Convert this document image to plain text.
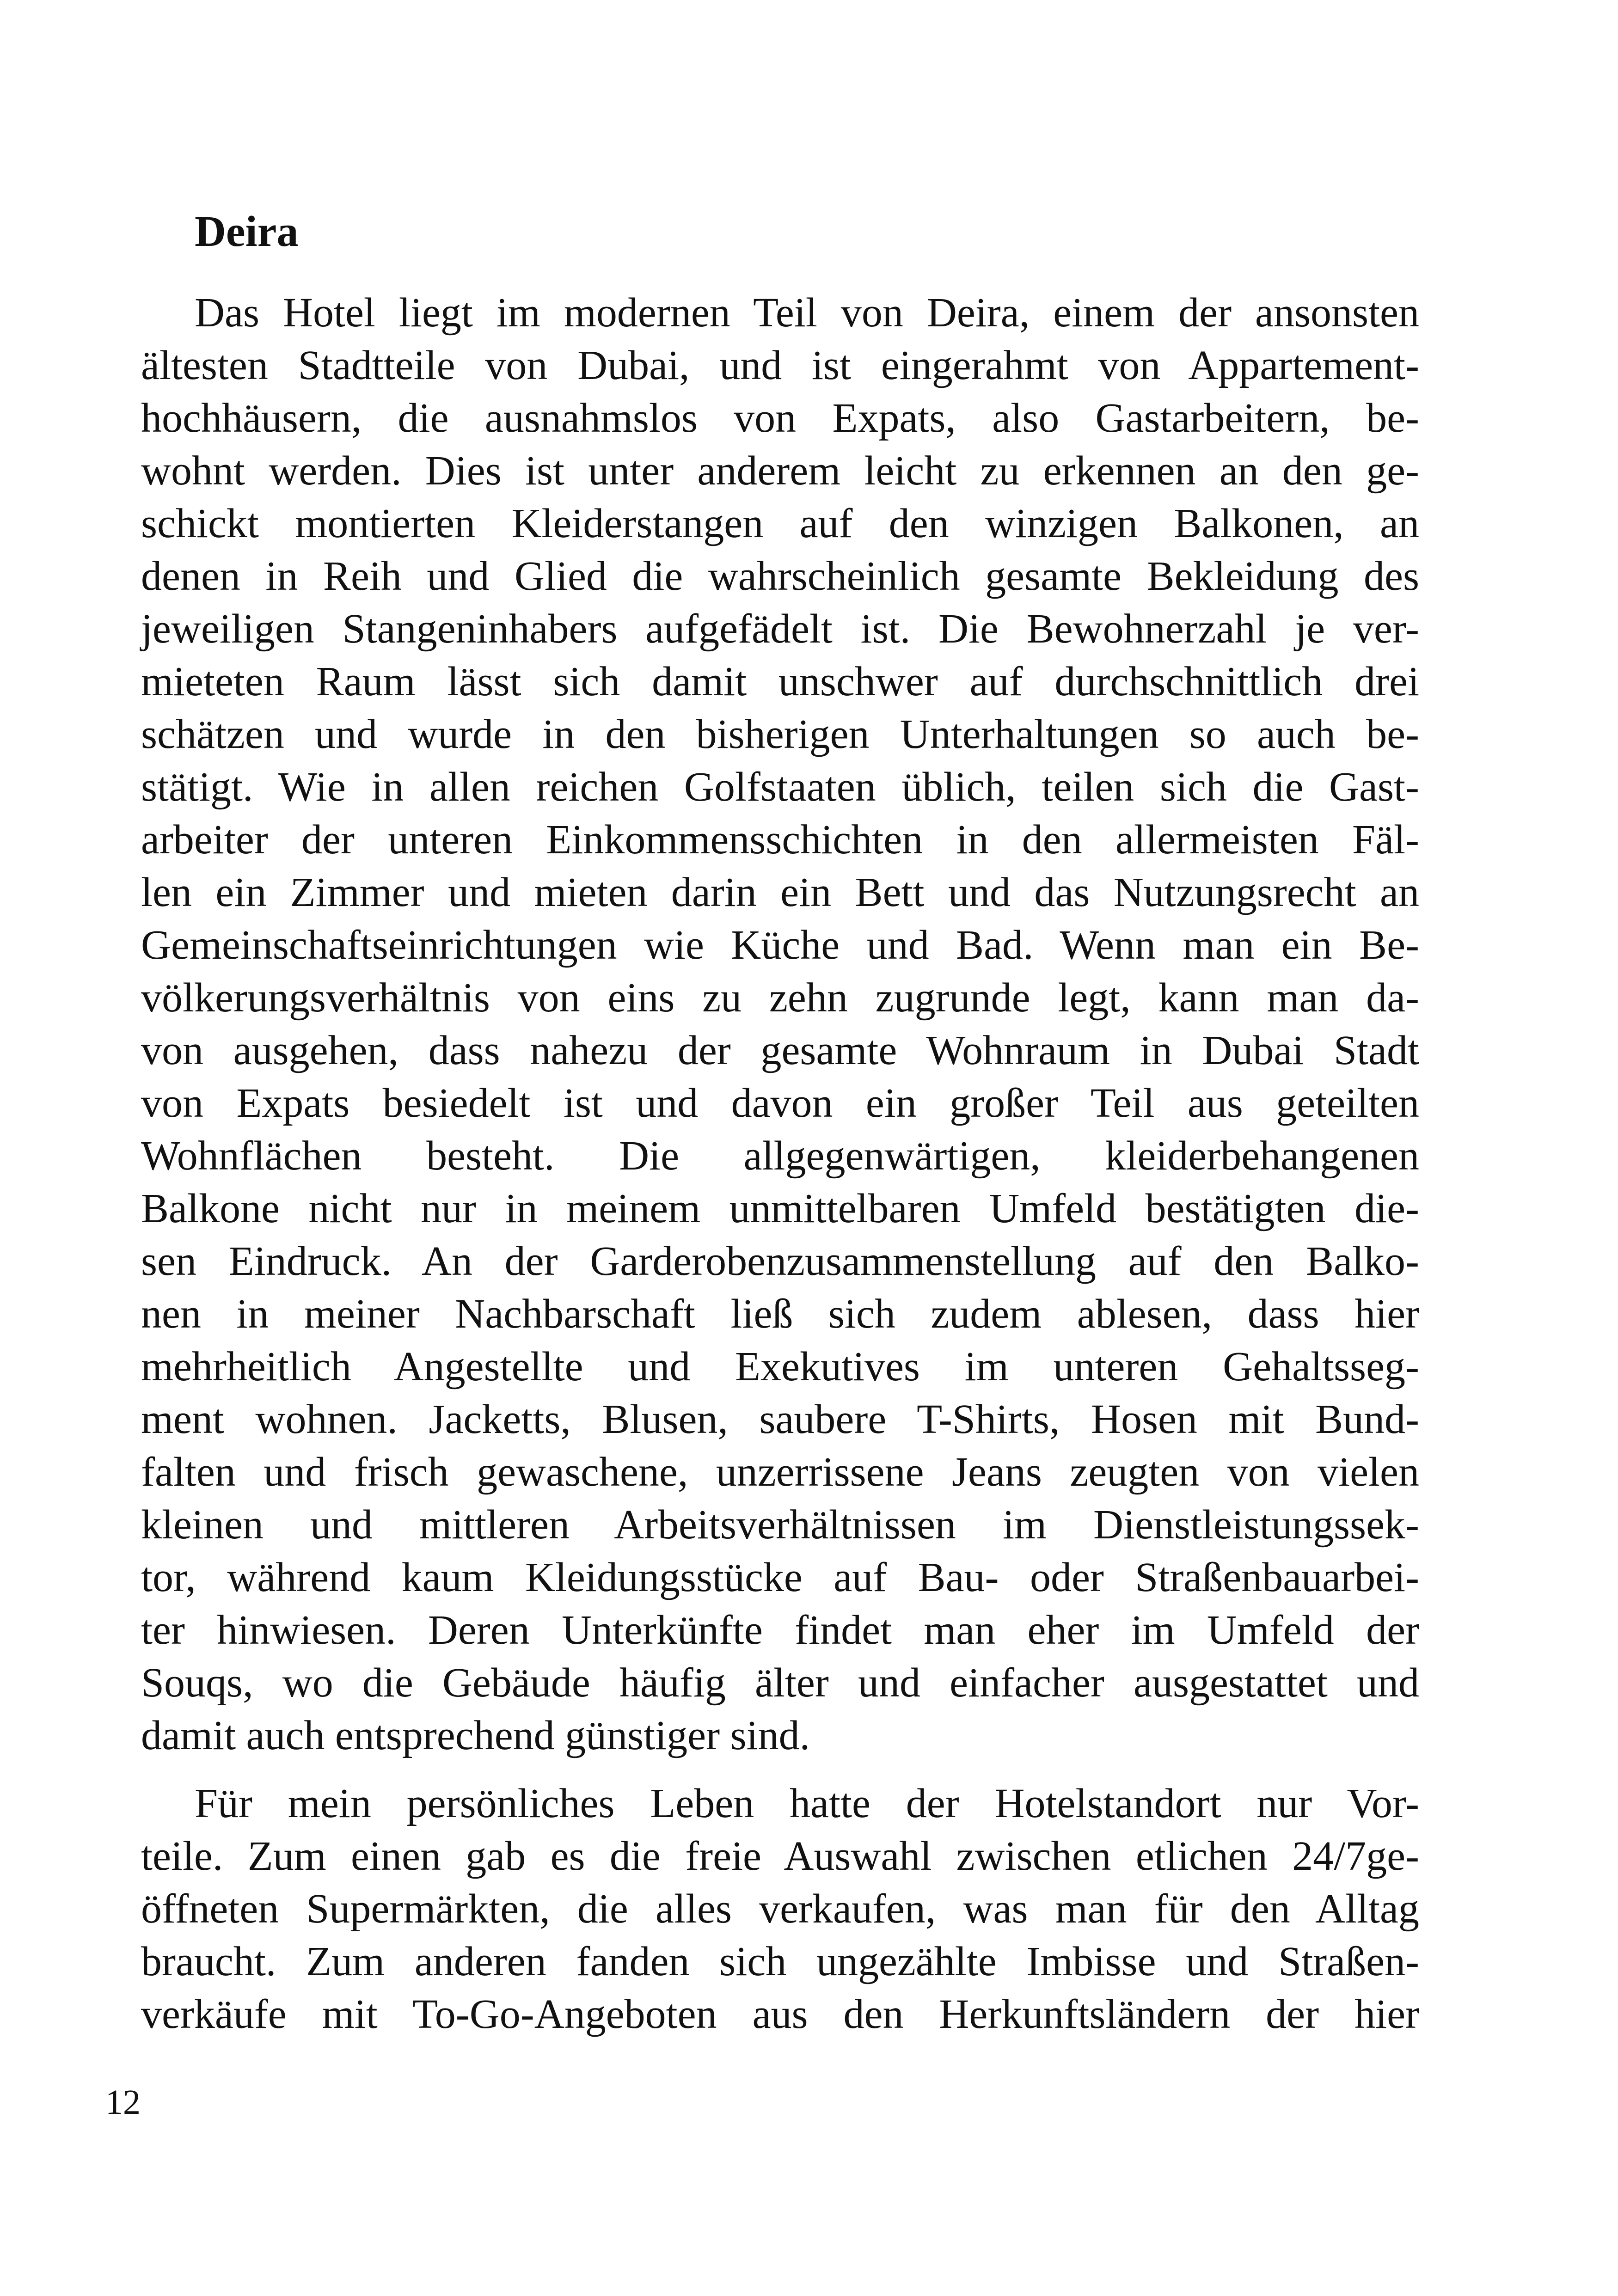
Deira
Das Hotel liegt im modernen Teil von Deira, einem der ansonsten
ältesten Stadtteile von Dubai, und ist eingerahmt von Appartement-
hochhäusern, die ausnahmslos von Expats, also Gastarbeitern, be-
wohnt werden. Dies ist unter anderem leicht zu erkennen an den ge-
schickt montierten Kleiderstangen auf den winzigen Balkonen, an
denen in Reih und Glied die wahrscheinlich gesamte Bekleidung des
jeweiligen Stangeninhabers aufgefädelt ist. Die Bewohnerzahl je ver-
mieteten Raum lässt sich damit unschwer auf durchschnittlich drei
schätzen und wurde in den bisherigen Unterhaltungen so auch be-
stätigt. Wie in allen reichen Golfstaaten üblich, teilen sich die Gast-
arbeiter der unteren Einkommensschichten in den allermeisten Fäl-
len ein Zimmer und mieten darin ein Bett und das Nutzungsrecht an
Gemeinschaftseinrichtungen wie Küche und Bad. Wenn man ein Be-
völkerungsverhältnis von eins zu zehn zugrunde legt, kann man da-
von ausgehen, dass nahezu der gesamte Wohnraum in Dubai Stadt
von Expats besiedelt ist und davon ein großer Teil aus geteilten
Wohnflächen besteht. Die allgegenwärtigen, kleiderbehangenen
Balkone nicht nur in meinem unmittelbaren Umfeld bestätigten die-
sen Eindruck. An der Garderobenzusammenstellung auf den Balko-
nen in meiner Nachbarschaft ließ sich zudem ablesen, dass hier
mehrheitlich Angestellte und Exekutives im unteren Gehaltsseg-
ment wohnen. Jacketts, Blusen, saubere T-Shirts, Hosen mit Bund-
falten und frisch gewaschene, unzerrissene Jeans zeugten von vielen
kleinen und mittleren Arbeitsverhältnissen im Dienstleistungssek-
tor, während kaum Kleidungsstücke auf Bau- oder Straßenbauarbei-
ter hinwiesen. Deren Unterkünfte findet man eher im Umfeld der
Souqs, wo die Gebäude häufig älter und einfacher ausgestattet und
damit auch entsprechend günstiger sind.
Für mein persönliches Leben hatte der Hotelstandort nur Vor-
teile. Zum einen gab es die freie Auswahl zwischen etlichen 24/7ge-
öffneten Supermärkten, die alles verkaufen, was man für den Alltag
braucht. Zum anderen fanden sich ungezählte Imbisse und Straßen-
verkäufe mit To-Go-Angeboten aus den Herkunftsländern der hier
12
